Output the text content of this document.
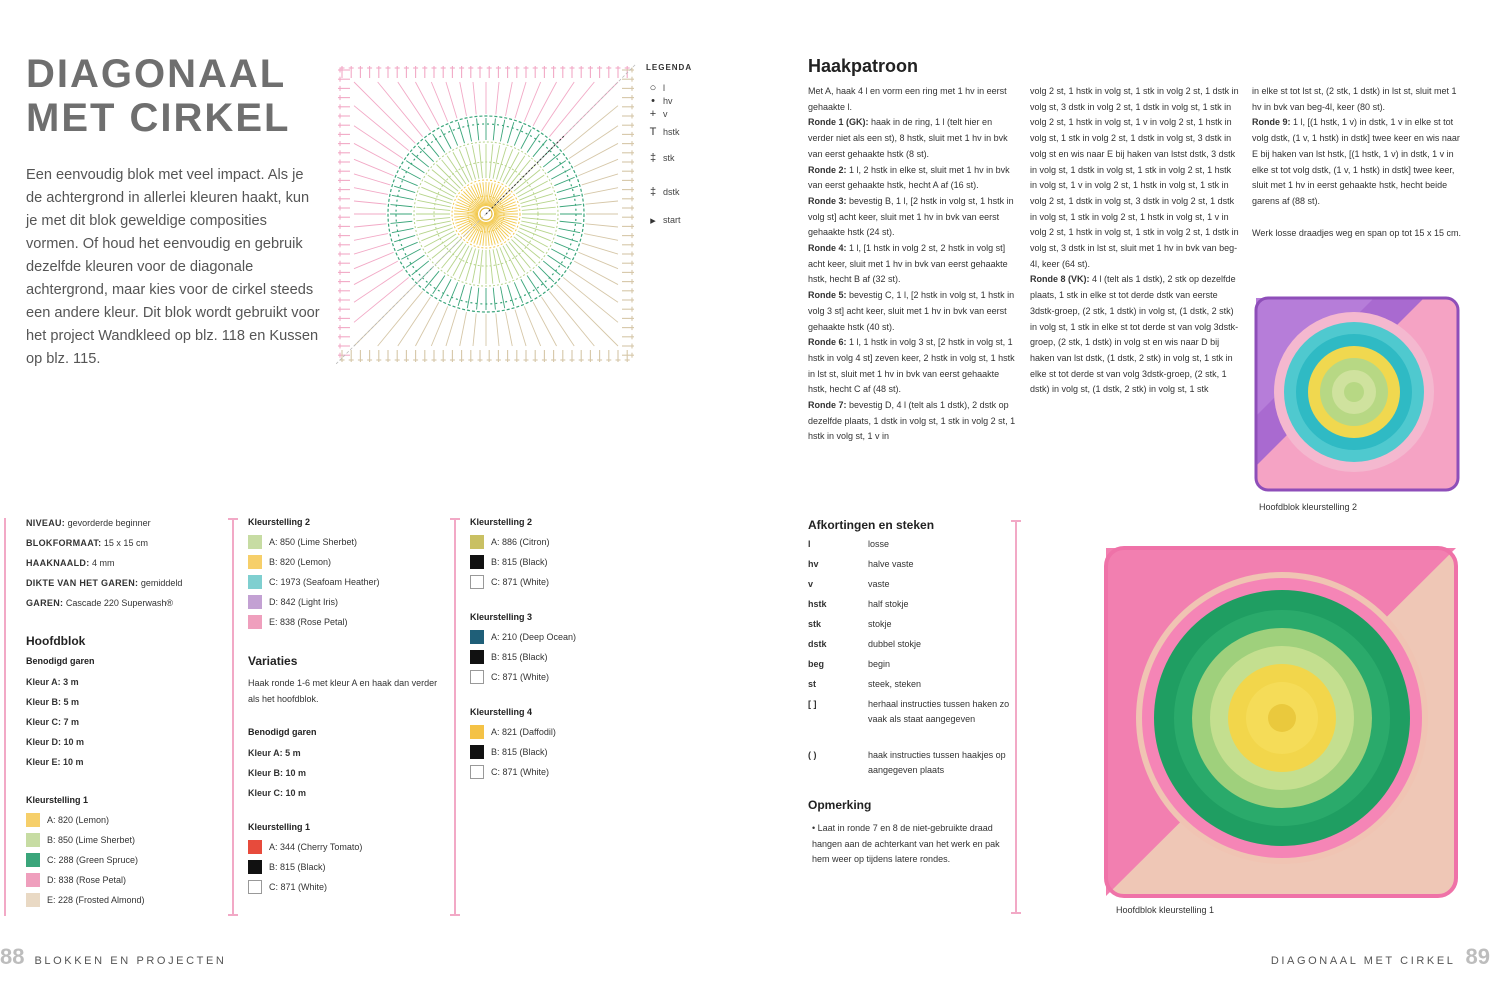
DIAGONAAL
MET CIRKEL
Een eenvoudig blok met veel impact. Als je de achtergrond in allerlei kleuren haakt, kun je met dit blok geweldige composities vormen. Of houd het eenvoudig en gebruik dezelfde kleuren voor de diagonale achtergrond, maar kies voor de cirkel steeds een andere kleur. Dit blok wordt gebruikt voor het project Wandkleed op blz. 118 en Kussen op blz. 115.
LEGENDA
○ l
• hv
+ v
T hstk
‡ stk
‡ dstk
▸ start
NIVEAU: gevorderde beginner
BLOKFORMAAT: 15 x 15 cm
HAAKNAALD: 4 mm
DIKTE VAN HET GAREN: gemiddeld
GAREN: Cascade 220 Superwash®
Hoofdblok
Benodigd garen
Kleur A: 3 m
Kleur B: 5 m
Kleur C: 7 m
Kleur D: 10 m
Kleur E: 10 m
Kleurstelling 1
A: 820 (Lemon)
B: 850 (Lime Sherbet)
C: 288 (Green Spruce)
D: 838 (Rose Petal)
E: 228 (Frosted Almond)
Kleurstelling 2
A: 850 (Lime Sherbet)
B: 820 (Lemon)
C: 1973 (Seafoam Heather)
D: 842 (Light Iris)
E: 838 (Rose Petal)
Variaties
Haak ronde 1-6 met kleur A en haak dan verder als het hoofdblok.
Benodigd garen
Kleur A: 5 m
Kleur B: 10 m
Kleur C: 10 m
Kleurstelling 1
A: 344 (Cherry Tomato)
B: 815 (Black)
C: 871 (White)
Kleurstelling 2
A: 886 (Citron)
B: 815 (Black)
C: 871 (White)
Kleurstelling 3
A: 210 (Deep Ocean)
B: 815 (Black)
C: 871 (White)
Kleurstelling 4
A: 821 (Daffodil)
B: 815 (Black)
C: 871 (White)
88 BLOKKEN EN PROJECTEN	DIAGONAAL MET CIRKEL 89
Haakpatroon

Met A, haak 4 l en vorm een ring met 1 hv in eerst gehaakte l.

Ronde 1 (GK): haak in de ring, 1 l (telt hier en verder niet als een st), 8 hstk, sluit met 1 hv in bvk van eerst gehaakte hstk (8 st).

Ronde 2: 1 l, 2 hstk in elke st, sluit met 1 hv in bvk van eerst gehaakte hstk, hecht A af (16 st).

Ronde 3: bevestig B, 1 l, [2 hstk in volg st, 1 hstk in volg st] acht keer, sluit met 1 hv in bvk van eerst gehaakte hstk (24 st).

Ronde 4: 1 l, [1 hstk in volg 2 st, 2 hstk in volg st] acht keer, sluit met 1 hv in bvk van eerst gehaakte hstk, hecht B af (32 st).

Ronde 5: bevestig C, 1 l, [2 hstk in volg st, 1 hstk in volg 3 st] acht keer, sluit met 1 hv in bvk van eerst gehaakte hstk (40 st).

Ronde 6: 1 l, 1 hstk in volg 3 st, [2 hstk in volg st, 1 hstk in volg 4 st] zeven keer, 2 hstk in volg st, 1 hstk in lst st, sluit met 1 hv in bvk van eerst gehaakte hstk, hecht C af (48 st).

Ronde 7: bevestig D, 4 l (telt als 1 dstk), 2 dstk op dezelfde plaats, 1 dstk in volg st, 1 stk in volg 2 st, 1 hstk in volg st, 1 v in

volg 2 st, 1 hstk in volg st, 1 stk in volg 2 st, 1 dstk in volg st, 3 dstk in volg 2 st, 1 dstk in volg st, 1 stk in volg 2 st, 1 hstk in volg st, 1 v in volg 2 st, 1 hstk in volg st, 1 stk in volg 2 st, 1 dstk in volg st, 3 dstk in volg st en wis naar E bij haken van lstst dstk, 3 dstk in volg st, 1 dstk in volg st, 1 stk in volg 2 st, 1 hstk in volg st, 1 v in volg 2 st, 1 hstk in volg st, 1 stk in volg 2 st, 1 dstk in volg st, 3 dstk in volg 2 st, 1 dstk in volg st, 1 stk in volg 2 st, 1 hstk in volg st, 1 v in volg 2 st, 1 hstk in volg st, 1 stk in volg 2 st, 1 dstk in volg st, 3 dstk in lst st, sluit met 1 hv in bvk van beg-4l, keer (64 st).

Ronde 8 (VK): 4 l (telt als 1 dstk), 2 stk op dezelfde plaats, 1 stk in elke st tot derde dstk van eerste 3dstk-groep, (2 stk, 1 dstk) in volg st, (1 dstk, 2 stk) in volg st, 1 stk in elke st tot derde st van volg 3dstk-groep, (2 stk, 1 dstk) in volg st en wis naar D bij haken van lst dstk, (1 dstk, 2 stk) in volg st, 1 stk in elke st tot derde st van volg 3dstk-groep, (2 stk, 1 dstk) in volg st, (1 dstk, 2 stk) in volg st, 1 stk

in elke st tot lst st, (2 stk, 1 dstk) in lst st, sluit met 1 hv in bvk van beg-4l, keer (80 st).

Ronde 9: 1 l, [(1 hstk, 1 v) in dstk, 1 v in elke st tot volg dstk, (1 v, 1 hstk) in dstk] twee keer en wis naar E bij haken van lst hstk, [(1 hstk, 1 v) in dstk, 1 v in elke st tot volg dstk, (1 v, 1 hstk) in dstk] twee keer, sluit met 1 hv in eerst gehaakte hstk, hecht beide garens af (88 st).

Werk losse draadjes weg en span op tot 15 x 15 cm.

Hoofdblok kleurstelling 2
Afkortingen en steken
l	losse
hv	halve vaste
v	vaste
hstk	half stokje
stk	stokje
dstk	dubbel stokje
beg	begin
st	steek, steken
[ ]	herhaal instructies tussen haken zo vaak als staat aangegeven
( )	haak instructies tussen haakjes op aangegeven plaats
Opmerking
• Laat in ronde 7 en 8 de niet-gebruikte draad hangen aan de achterkant van het werk en pak hem weer op tijdens latere rondes.
Hoofdblok kleurstelling 1
